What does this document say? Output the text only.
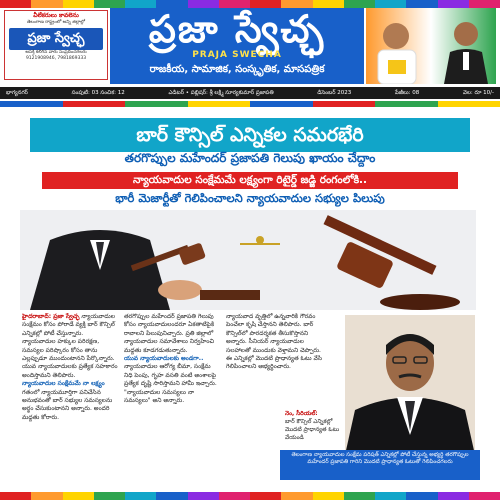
వీలేకరులు కావలెను
తెలంగాణ రాష్ట్రంలో అన్ని జిల్లాల్లో
ప్రజా స్వేచ్ఛ
ఆసక్తి కలిగిన వారు సంప్రదించగలరు
9121908946, 7981869333
ప్రజా స్వేచ్ఛ
PRAJA SWECHA
రాజకీయ, సామాజిక, సంస్కృతిక, మాసపత్రిక
భాగ్యనగర్	సంపుటి: 03 సంచిక: 12	ఎడిటర్ • పబ్లిషర్: శ్రీ లక్ష్మి సూర్యకుమార్ ప్రజాపతి	డిసెంబర్ 2023	పేజీలు: 08	వెల: రూ 10/-
బార్ కౌన్సిల్ ఎన్నికల సమరభేరి
తరగొప్పుల మహేందర్ ప్రజాపతి గెలుపు ఖాయం చేద్దాం
న్యాయవాదుల సంక్షేమమే లక్ష్యంగా రిటైర్డ్ జడ్జి రంగంలోకి..
భారీ మెజార్టీతో గెలిపించాలని న్యాయవాదుల సభ్యుల పిలుపు
హైదరాబాద్: ప్రజా స్వేచ్ఛ న్యాయవాదుల సంక్షేమం కోసం పోరాడే వ్యక్తి బార్ కౌన్సిల్ ఎన్నికల్లో పోటీ చేస్తున్నారు. న్యాయవాదుల హక్కుల పరిరక్షణ, సమస్యల పరిష్కారం కోసం తాను ఎల్లప్పుడూ ముందుంటానని పేర్కొన్నారు. యువ న్యాయవాదులకు ప్రత్యేక సహకారం అందిస్తామని తెలిపారు.
న్యాయవాదుల సంక్షేమమే నా లక్ష్యం
గతంలో న్యాయమూర్తిగా పనిచేసిన అనుభవంతో బార్ సభ్యుల సమస్యలను అర్థం చేసుకుంటానని అన్నారు. అందరి మద్దతు కోరారు.
తరగొప్పుల మహేందర్ ప్రజాపతి గెలుపు కోసం న్యాయవాదులందరూ ఏకతాటిపైకి రావాలని పిలుపునిచ్చారు. ప్రతి జిల్లాలో న్యాయవాదుల సమావేశాలు నిర్వహించి మద్దతు కూడగడుతున్నారు.
యువ న్యాయవాదులకు అండగా..
న్యాయవాదుల ఆరోగ్య బీమా, సంక్షేమ నిధి పెంపు, గృహ వసతి వంటి అంశాలపై ప్రత్యేక దృష్టి సారిస్తామని హామీ ఇచ్చారు. "న్యాయవాదుల సమస్యలు నా సమస్యలు" అని అన్నారు.
న్యాయవాద వృత్తిలో ఉన్నవారికి గౌరవం పెంచేలా కృషి చేస్తానని తెలిపారు. బార్ కౌన్సిల్‌లో పారదర్శకత తీసుకొస్తానని అన్నారు. సీనియర్ న్యాయవాదుల సలహాలతో ముందుకు వెళ్తామని చెప్పారు. ఈ ఎన్నికల్లో మొదటి ప్రాధాన్యత ఓటు వేసి గెలిపించాలని అభ్యర్థించారు.
నెం, సీరియల్:
బార్ కౌన్సిల్ ఎన్నికల్లో మొదటి ప్రాధాన్యత ఓటు వేయండి
తెలంగాణ న్యాయవాదుల సంక్షేమ పరిషత్ ఎన్నికల్లో పోటీ చేస్తున్న అభ్యర్థి తరగొప్పుల మహేందర్ ప్రజాపతి గారిని మొదటి ప్రాధాన్యత ఓటుతో గెలిపించగలరు
